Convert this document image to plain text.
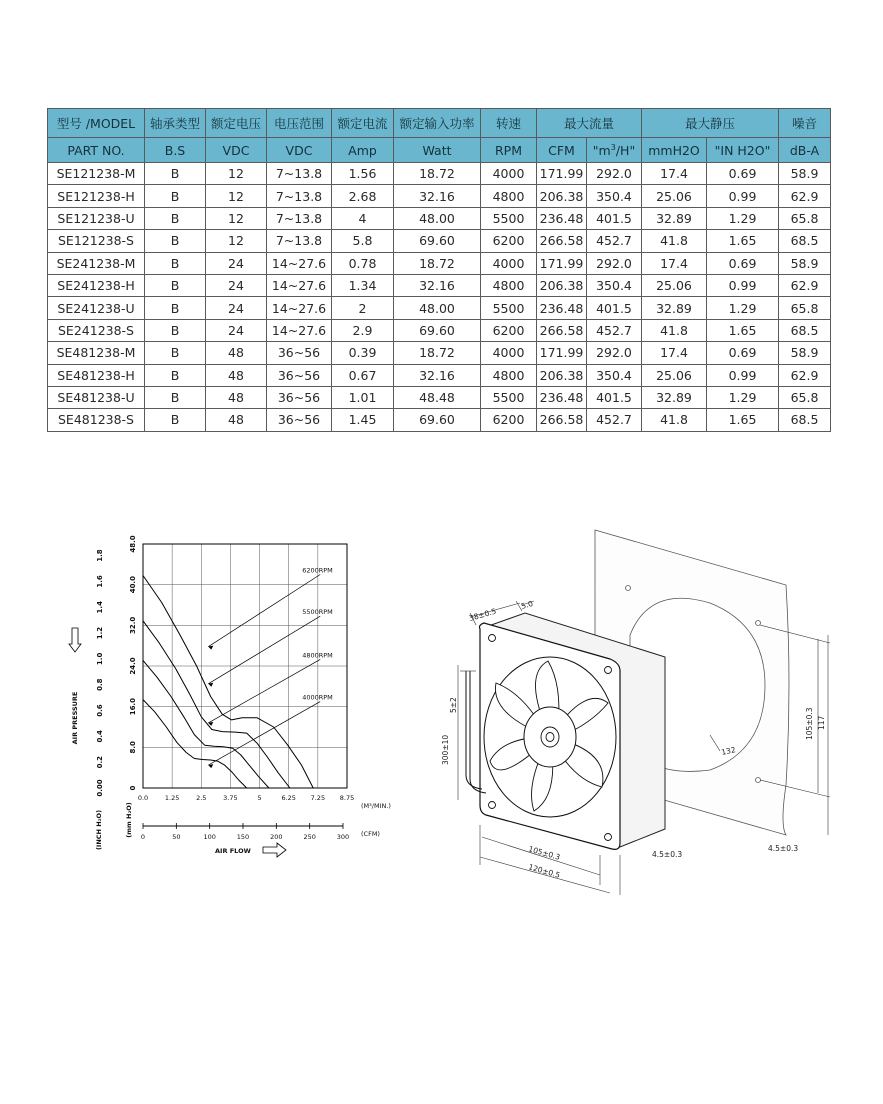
型号 /MODEL	轴承类型	额定电压	电压范围	额定电流	额定输入功率	转速	最大流量		最大静压		噪音
PART NO.	B.S	VDC	VDC	Amp	Watt	RPM	CFM	"$m^3/H$"	mmH2O	"IN H2O"	dB-A
SE121238-M	B	12	7~13.8	1.56	18.72	4000	171.99	292.0	17.4	0.69	58.9
SE121238-H	B	12	7~13.8	2.68	32.16	4800	206.38	350.4	25.06	0.99	62.9
SE121238-U	B	12	7~13.8	4	48.00	5500	236.48	401.5	32.89	1.29	65.8
SE121238-S	B	12	7~13.8	5.8	69.60	6200	266.58	452.7	41.8	1.65	68.5
SE241238-M	B	24	14~27.6	0.78	18.72	4000	171.99	292.0	17.4	0.69	58.9
SE241238-H	B	24	14~27.6	1.34	32.16	4800	206.38	350.4	25.06	0.99	62.9
SE241238-U	B	24	14~27.6	2	48.00	5500	236.48	401.5	32.89	1.29	65.8
SE241238-S	B	24	14~27.6	2.9	69.60	6200	266.58	452.7	41.8	1.65	68.5
SE481238-M	B	48	36~56	0.39	18.72	4000	171.99	292.0	17.4	0.69	58.9
SE481238-H	B	48	36~56	0.67	32.16	4800	206.38	350.4	25.06	0.99	62.9
SE481238-U	B	48	36~56	1.01	48.48	5500	236.48	401.5	32.89	1.29	65.8
SE481238-S	B	48	36~56	1.45	69.60	6200	266.58	452.7	41.8	1.65	68.5
6200RPM
5500RPM
4800RPM
4000RPM
0
8.0
16.0
24.0
32.0
40.0
48.0
0.00
0.2
0.4
0.6
0.8
1.0
1.2
1.4
1.6
1.8
0.0	1.25	2.5	3.75	5	6.25 7.25 8.75
AIR PRESSURE
(INCH H₂O)	(mm H₂O) 0	50	100	150	200	250	300
(M³/MIN.)
(CFM)
AIR FLOW
38±0.5
5.0
5±2
300±10
105±0.3
120±0.5
4.5±0.3
105±0.3 117
4.5±0.3
132
